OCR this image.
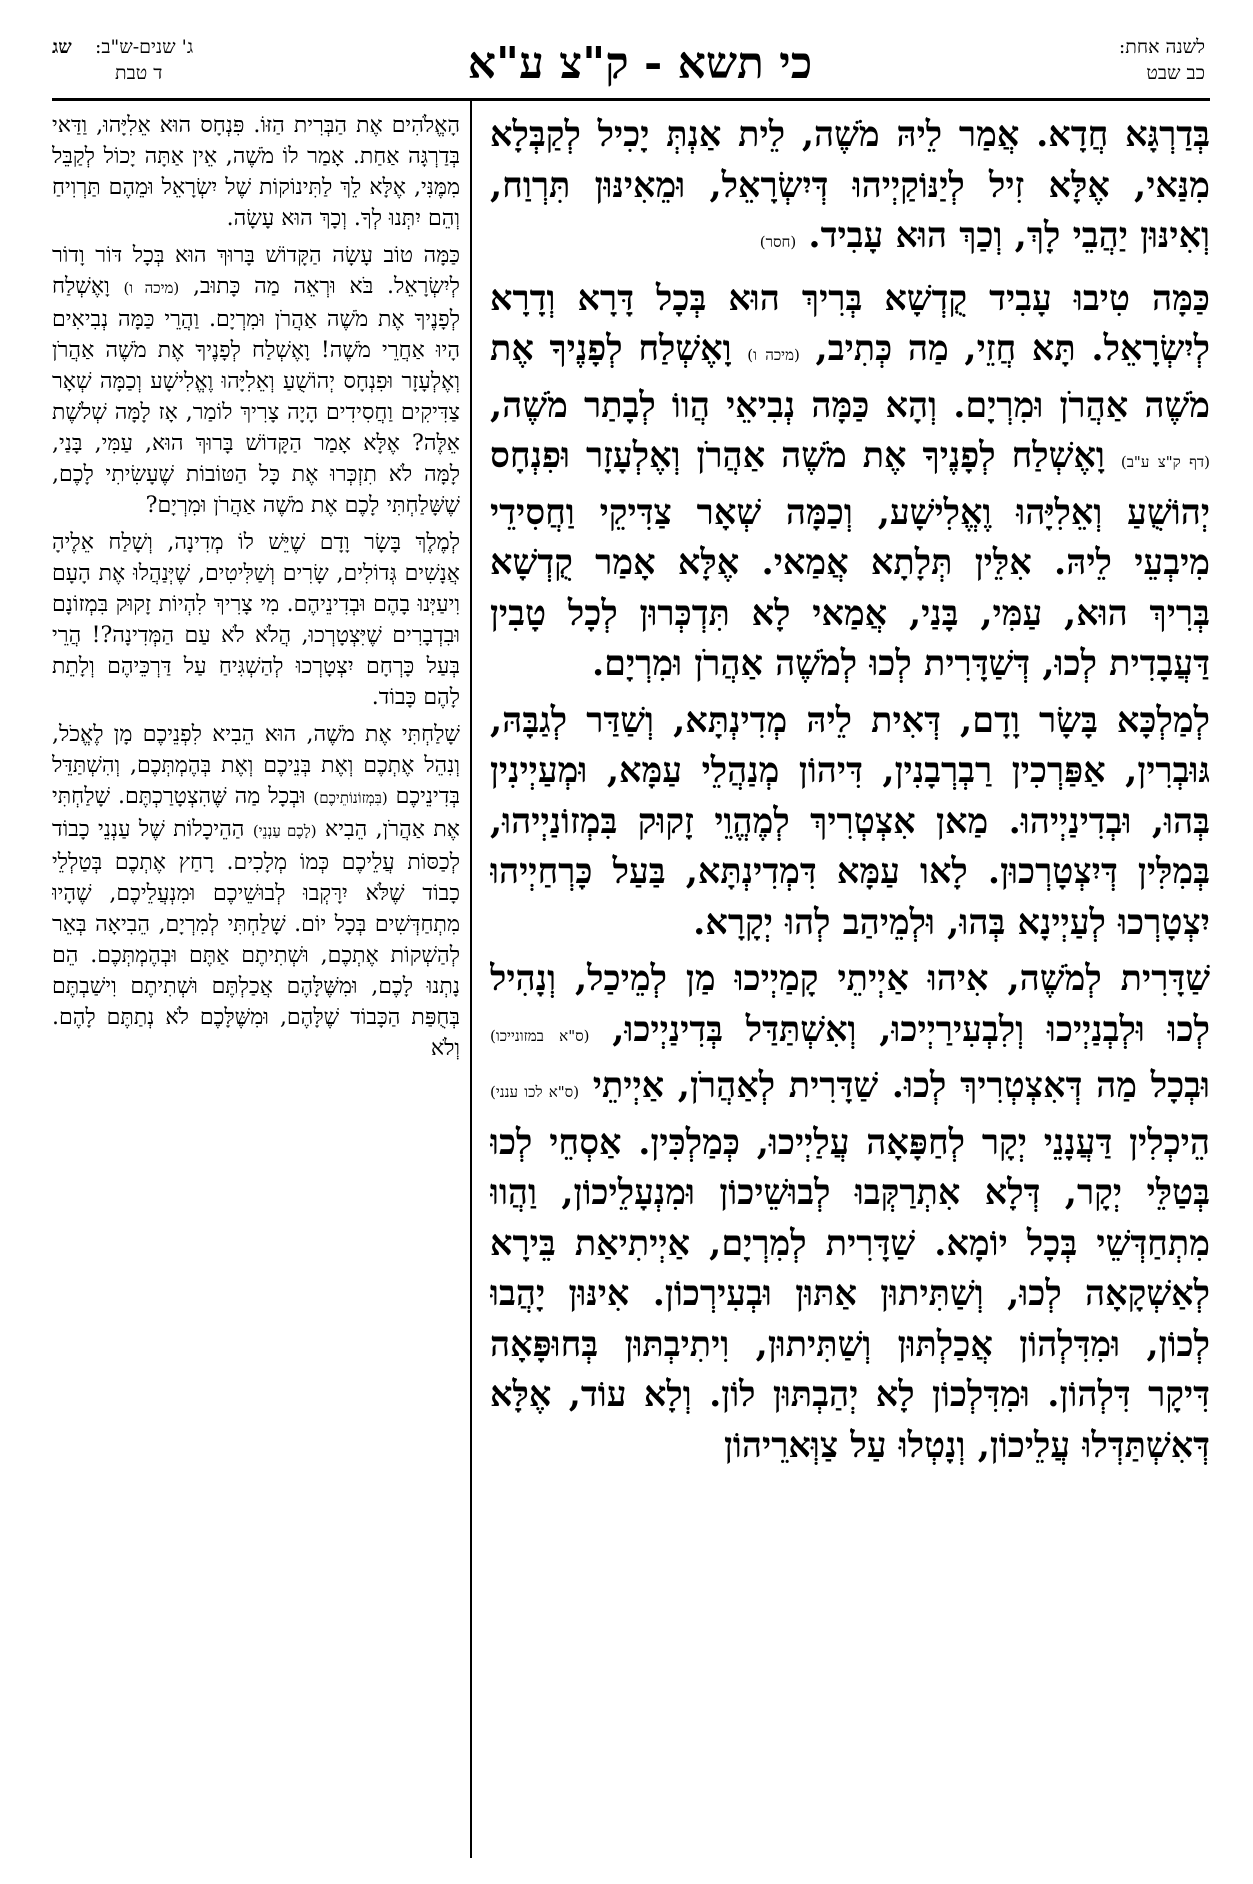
לשנה אחת:
כב שבט
כי תשא - ק"צ ע"א
ג' שנים-ש"ב:
ד טבת
שג

בְּדַרְגָּא חֲדָא. אֲמַר לֵיהּ מֹשֶׁה, לֵית אַנְתְּ יָכִיל לְקַבְּלָא מִנַּאי, אֶלָּא זִיל לְיַנּוֹקַיְיהוּ דְּיִשְׂרָאֵל, וּמֵאִינּוּן תִּרְוַח, וְאִינּוּן יַהֲבֵי לָךְ, וְכַךְ הוּא עָבִיד. (חסר)

כַּמָּה טִיבוּ עָבִיד קֻדְשָׁא בְּרִיךְ הוּא בְּכָל דָּרָא וְדָרָא לְיִשְׂרָאֵל. תָּא חֲזֵי, מַה כְּתִיב, (מיכה ו) וָאֶשְׁלַח לְפָנֶיךָ אֶת מֹשֶׁה אַהֲרֹן וּמִרְיָם. וְהָא כַּמָּה נְבִיאֵי הֲווֹ לְבָתַר מֹשֶׁה, (דף ק"צ ע"ב) וָאֶשְׁלַח לְפָנֶיךָ אֶת מֹשֶׁה אַהֲרֹן וְאֶלְעָזָר וּפִנְחָס יְהוֹשֻׁעַ וְאֵלִיָּהוּ וֶאֱלִישָׁע, וְכַמָּה שְׁאָר צַדִּיקֵי וַחֲסִידֵי מִיבְעֵי לֵיהּ. אִלֵּין תְּלָתָא אֲמַאי. אֶלָּא אָמַר קֻדְשָׁא בְּרִיךְ הוּא, עַמִּי, בָּנַי, אֲמַאי לָא תִּדְכְּרוּן לְכָל טָבִין דַּעֲבָדִית לְכוּ, דְּשַׁדָּרִית לְכוּ לְמֹשֶׁה אַהֲרֹן וּמִרְיָם.

לְמַלְכָּא בָּשָׂר וָדָם, דְּאִית לֵיהּ מְדִינְתָּא, וְשַׁדַּר לְגַבָּהּ, גּוּבְרִין, אַפַּרְכִין רַבְרְבָנִין, דִּיהוֹן מְנַהֲלֵי עַמָּא, וּמְעַיְינִין בְּהוּ, וּבְדִינַיְיהוּ. מַאן אִצְטְרִיךְ לְמֶהֱוֵי זָקוּק בִּמְזוֹנַיְיהוּ, בְּמִלִּין דְּיִצְטָרְכוּן. לָאו עַמָּא דִּמְדִינְתָּא, בַּעַל כָּרְחַיְיהוּ יִצְטָרְכוּ לְעַיְינָא בְּהוּ, וּלְמֵיהַב לְהוּ יְקָרָא.

שַׁדָּרִית לְמֹשֶׁה, אִיהוּ אַיְיתֵי קָמַיְיכוּ מַן לְמֵיכַל, וְנָהִיל לְכוּ וּלְבְנַיְיכוּ וְלִבְעִירַיְיכוּ, וְאִשְׁתַּדַּל בְּדִינַיְיכוּ, (ס"א במזונייכו) וּבְכָל מַה דְּאִצְטְרִיךְ לְכוּ. שַׁדָּרִית לְאַהֲרֹן, אַיְיתֵי (ס"א לכו ענני) הֵיכְלִין דַּעֲנָנֵי יְקָר לְחַפָּאָה עֲלַיְיכוּ, כְּמַלְכִּין. אַסְחֵי לְכוּ בְּטַלֵּי יְקָר, דְּלָא אִתְרַקְּבוּ לְבוּשֵׁיכוֹן וּמִנְעָלֵיכוֹן, וַהֲווּ מִתְחַדְּשֵׁי בְּכָל יוֹמָא. שַׁדָּרִית לְמִרְיָם, אַיְיתִיאַת בֵּירָא לְאַשְׁקָאָה לְכוּ, וְשַׁתִּיתוּן אַתּוּן וּבְעִירְכוֹן. אִינּוּן יָהֲבוּ לְכוֹן, וּמִדִּלְהוֹן אֲכַלְתּוּן וְשַׁתִּיתוּן, וִיתִיבְתּוּן בְּחוּפָּאָה דִּיקָר דִּלְהוֹן. וּמִדִּלְכוֹן לָא יְהַבְתּוּן לוֹן. וְלָא עוֹד, אֶלָּא דְּאִשְׁתַּדְּלוּ עֲלֵיכוֹן, וְנָטְלוּ עַל צַוְּארֵיהוֹן

הָאֱלֹהִים אֶת הַבְּרִית הַזּוֹ. פִּנְחָס הוּא אֵלִיָּהוּ, וַדַּאי בְּדַרְגָּה אַחַת. אָמַר לוֹ מֹשֶׁה, אֵין אַתָּה יָכוֹל לְקַבֵּל מִמֶּנִּי, אֶלָּא לֵךְ לַתִּינוֹקוֹת שֶׁל יִשְׂרָאֵל וּמֵהֶם תַּרְוִיחַ וְהֵם יִתְּנוּ לְךָ. וְכָךְ הוּא עָשָׂה.

כַּמָּה טוֹב עָשָׂה הַקָּדוֹשׁ בָּרוּךְ הוּא בְּכָל דּוֹר וָדוֹר לְיִשְׂרָאֵל. בֹּא וּרְאֵה מַה כָּתוּב, (מיכה ו) וָאֶשְׁלַח לְפָנֶיךָ אֶת מֹשֶׁה אַהֲרֹן וּמִרְיָם. וַהֲרֵי כַּמָּה נְבִיאִים הָיוּ אַחֲרֵי מֹשֶׁה! וָאֶשְׁלַח לְפָנֶיךָ אֶת מֹשֶׁה אַהֲרֹן וְאֶלְעָזָר וּפִנְחָס יְהוֹשֻׁעַ וְאֵלִיָּהוּ וֶאֱלִישָׁע וְכַמָּה שְׁאָר צַדִּיקִים וַחֲסִידִים הָיָה צָרִיךְ לוֹמַר, אָז לָמָּה שְׁלֹשֶׁת אֵלֶּה? אֶלָּא אָמַר הַקָּדוֹשׁ בָּרוּךְ הוּא, עַמִּי, בָּנַי, לָמָּה לֹא תִזְכְּרוּ אֶת כָּל הַטּוֹבוֹת שֶׁעָשִׂיתִי לָכֶם, שֶׁשָּׁלַחְתִּי לָכֶם אֶת מֹשֶׁה אַהֲרֹן וּמִרְיָם?

לְמֶלֶךְ בָּשָׂר וָדָם שֶׁיֵּשׁ לוֹ מְדִינָה, וְשָׁלַח אֵלֶיהָ אֲנָשִׁים גְּדוֹלִים, שָׂרִים וְשַׁלִּיטִים, שֶׁיְּנַהֲלוּ אֶת הָעָם וִיעַיְּנוּ בָהֶם וּבְדִינֵיהֶם. מִי צָרִיךְ לִהְיוֹת זָקוּק בִּמְזוֹנָם וּבִדְבָרִים שֶׁיִּצְטָרְכוּ, הֲלֹא לֹא עַם הַמְּדִינָה?! הֲרֵי בְּעַל כָּרְחָם יִצְטָרְכוּ לְהַשְׁגִּיחַ עַל דַּרְכֵּיהֶם וְלָתֵת לָהֶם כָּבוֹד.

שָׁלַחְתִּי אֶת מֹשֶׁה, הוּא הֵבִיא לִפְנֵיכֶם מָן לֶאֱכֹל, וְנִהֵל אֶתְכֶם וְאֶת בְּנֵיכֶם וְאֶת בְּהֶמְתְּכֶם, וְהִשְׁתַּדֵּל בְּדִינֵיכֶם (בִּמְזוֹנוֹתֵיכֶם) וּבְכָל מַה שֶּׁהִצְטָרַכְתֶּם. שָׁלַחְתִּי אֶת אַהֲרֹן, הֵבִיא (לָכֶם עַנְנֵי) הַהֵיכָלוֹת שֶׁל עַנְנֵי כָבוֹד לְכַסּוֹת עֲלֵיכֶם כְּמוֹ מְלָכִים. רָחַץ אֶתְכֶם בְּטַלְלֵי כָבוֹד שֶׁלֹּא יִרָּקְבוּ לְבוּשֵׁיכֶם וּמִנְעֲלֵיכֶם, שֶׁהָיוּ מִתְחַדְּשִׁים בְּכָל יוֹם. שָׁלַחְתִּי לְמִרְיָם, הֵבִיאָה בְּאֵר לְהַשְׁקוֹת אֶתְכֶם, וּשְׁתִיתֶם אַתֶּם וּבְהֶמְתְּכֶם. הֵם נָתְנוּ לָכֶם, וּמִשֶּׁלָּהֶם אֲכַלְתֶּם וּשְׁתִיתֶם וִישַׁבְתֶּם בְּחֻפַּת הַכָּבוֹד שֶׁלָּהֶם, וּמִשֶּׁלָּכֶם לֹא נְתַתֶּם לָהֶם. וְלֹא
